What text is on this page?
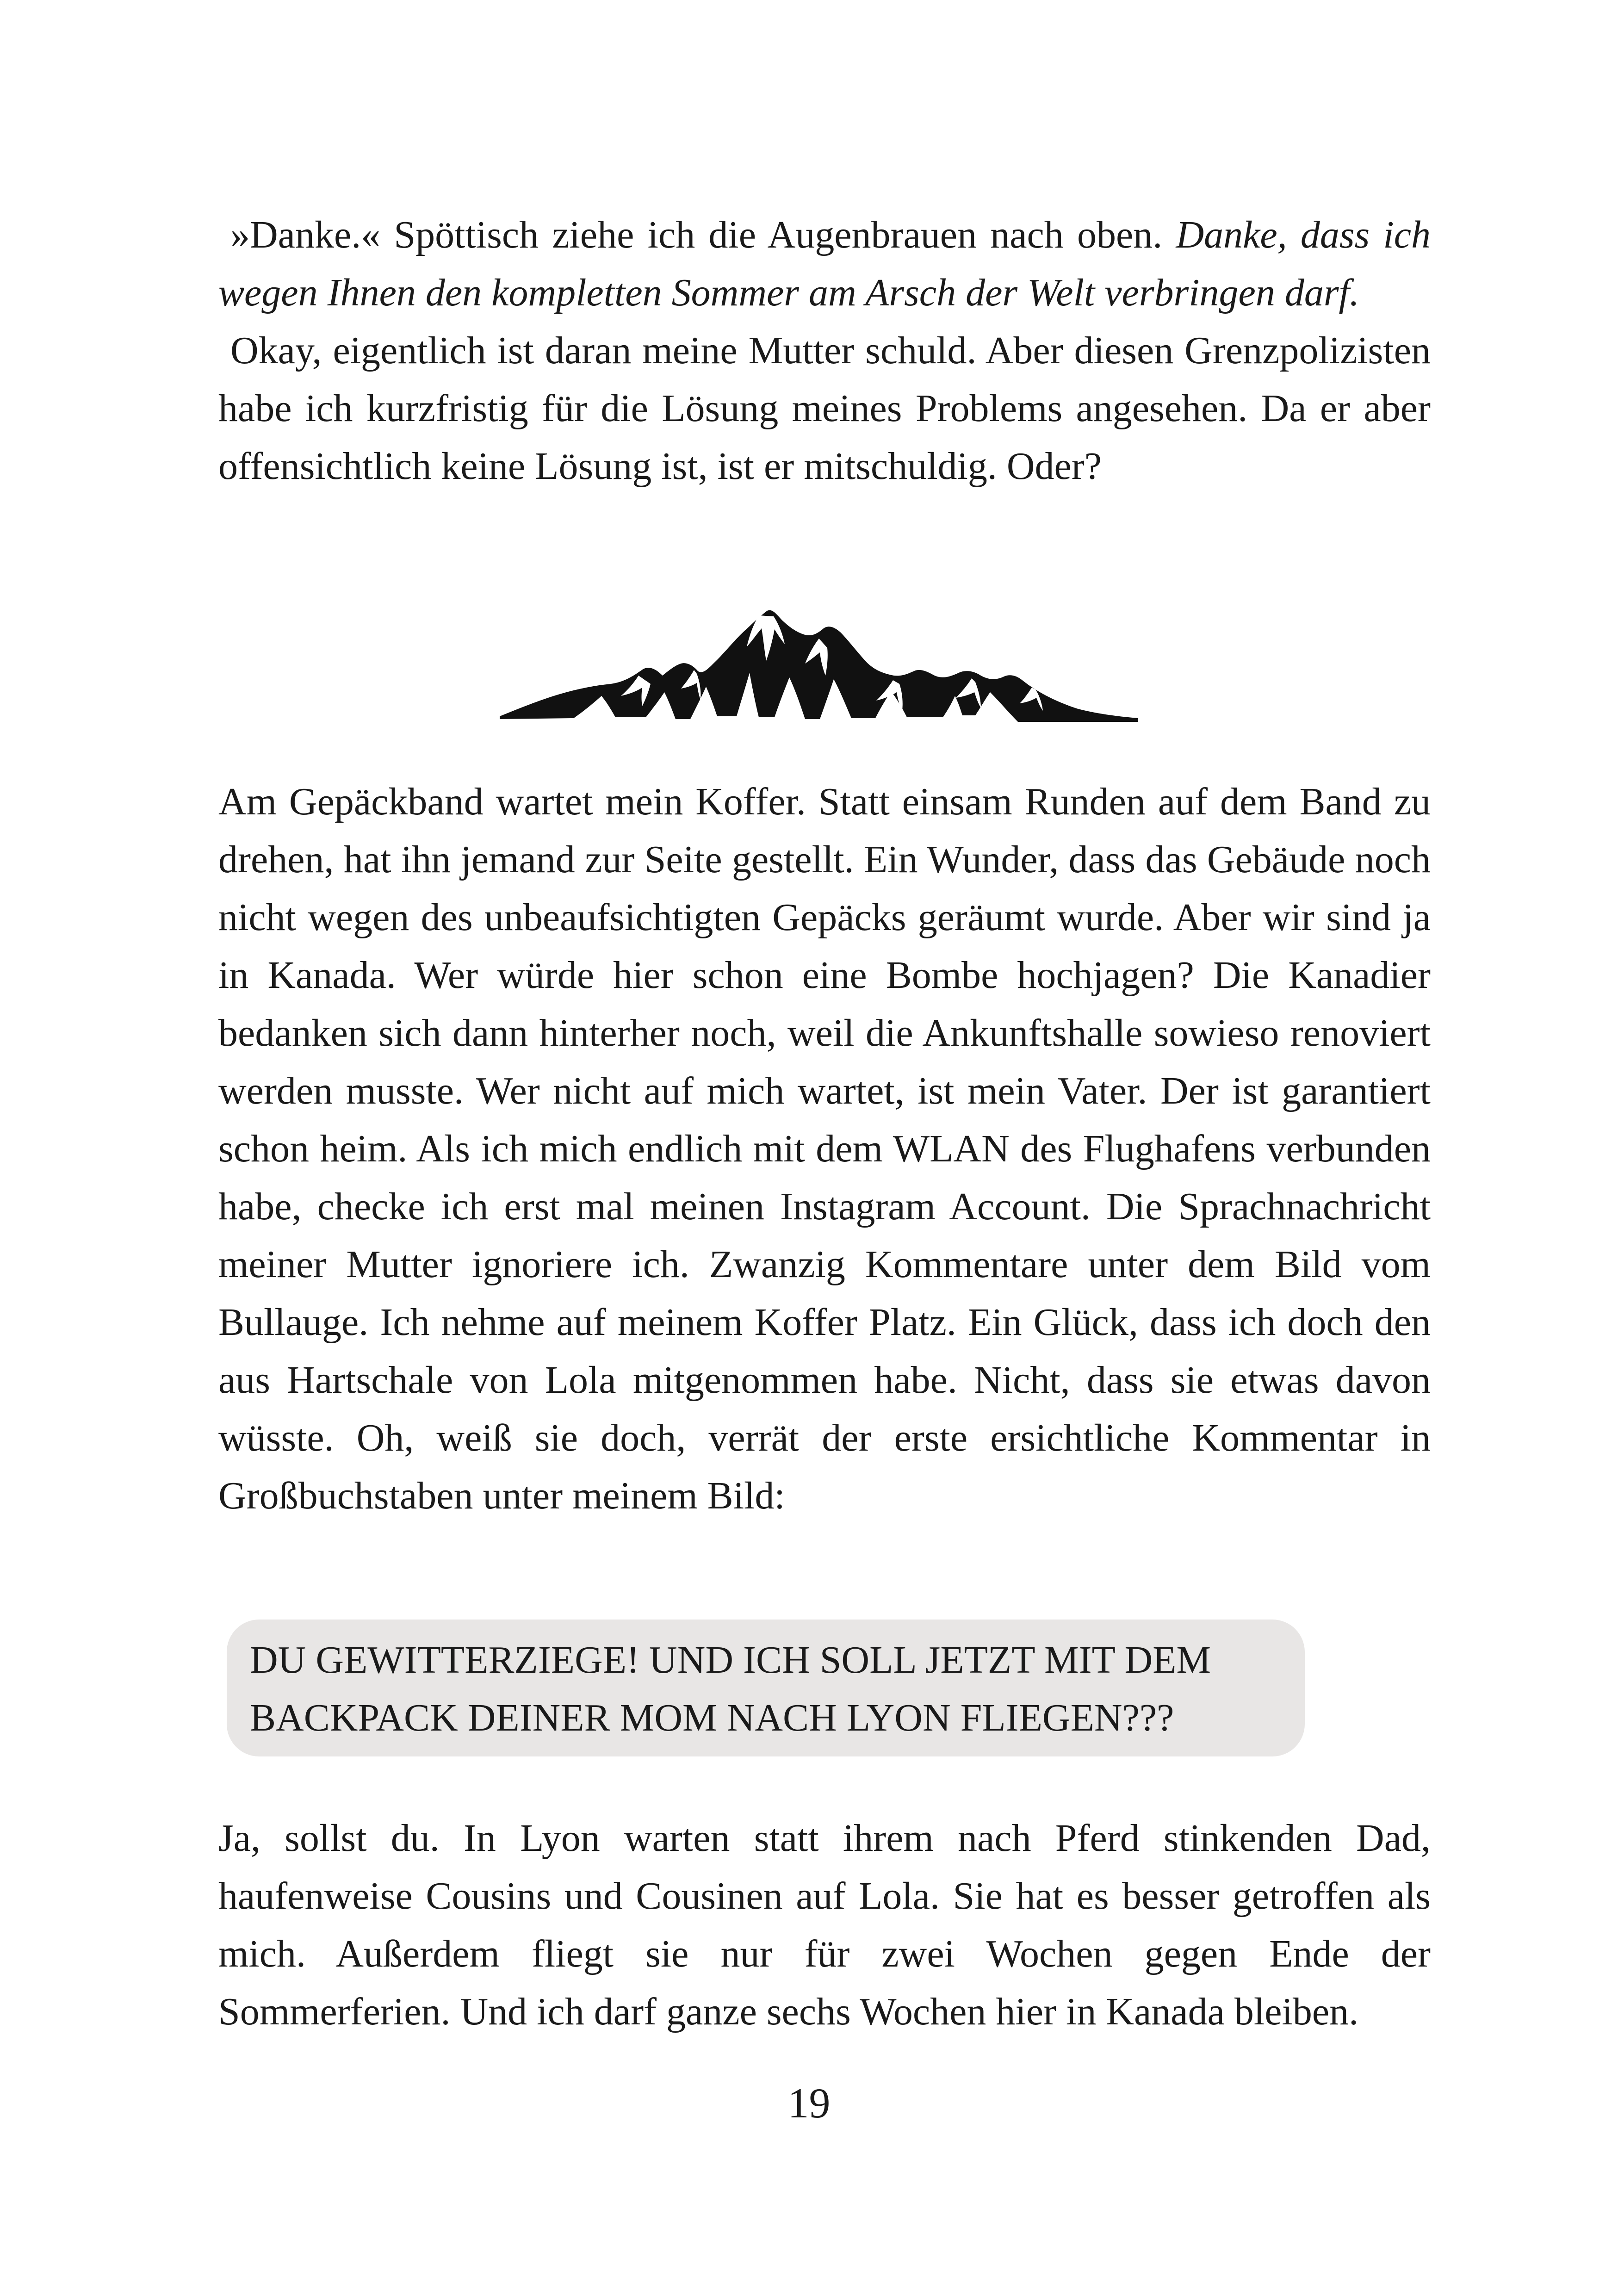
»Danke.« Spöttisch ziehe ich die Augenbrauen nach oben. Danke, dass ich wegen Ihnen den kompletten Sommer am Arsch der Welt verbringen darf.

Okay, eigentlich ist daran meine Mutter schuld. Aber diesen Grenzpolizisten habe ich kurzfristig für die Lösung meines Problems angesehen. Da er aber offensichtlich keine Lösung ist, ist er mitschuldig. Oder?

Am Gepäckband wartet mein Koffer. Statt einsam Runden auf dem Band zu drehen, hat ihn jemand zur Seite gestellt. Ein Wunder, dass das Gebäude noch nicht wegen des unbeaufsichtigten Gepäcks geräumt wurde. Aber wir sind ja in Kanada. Wer würde hier schon eine Bombe hochjagen? Die Kanadier bedanken sich dann hinterher noch, weil die Ankunftshalle sowieso renoviert werden musste. Wer nicht auf mich wartet, ist mein Vater. Der ist garantiert schon heim. Als ich mich endlich mit dem WLAN des Flughafens verbunden habe, checke ich erst mal meinen Instagram Account. Die Sprachnachricht meiner Mutter ignoriere ich. Zwanzig Kommentare unter dem Bild vom Bullauge. Ich nehme auf meinem Koffer Platz. Ein Glück, dass ich doch den aus Hartschale von Lola mitgenommen habe. Nicht, dass sie etwas davon wüsste. Oh, weiß sie doch, verrät der erste ersichtliche Kommentar in Großbuchstaben unter meinem Bild:

DU GEWITTERZIEGE! UND ICH SOLL JETZT MIT DEM

BACKPACK DEINER MOM NACH LYON FLIEGEN???

Ja, sollst du. In Lyon warten statt ihrem nach Pferd stinkenden Dad, haufenweise Cousins und Cousinen auf Lola. Sie hat es besser getroffen als mich. Außerdem fliegt sie nur für zwei Wochen gegen Ende der Sommerferien. Und ich darf ganze sechs Wochen hier in Kanada bleiben.

19
